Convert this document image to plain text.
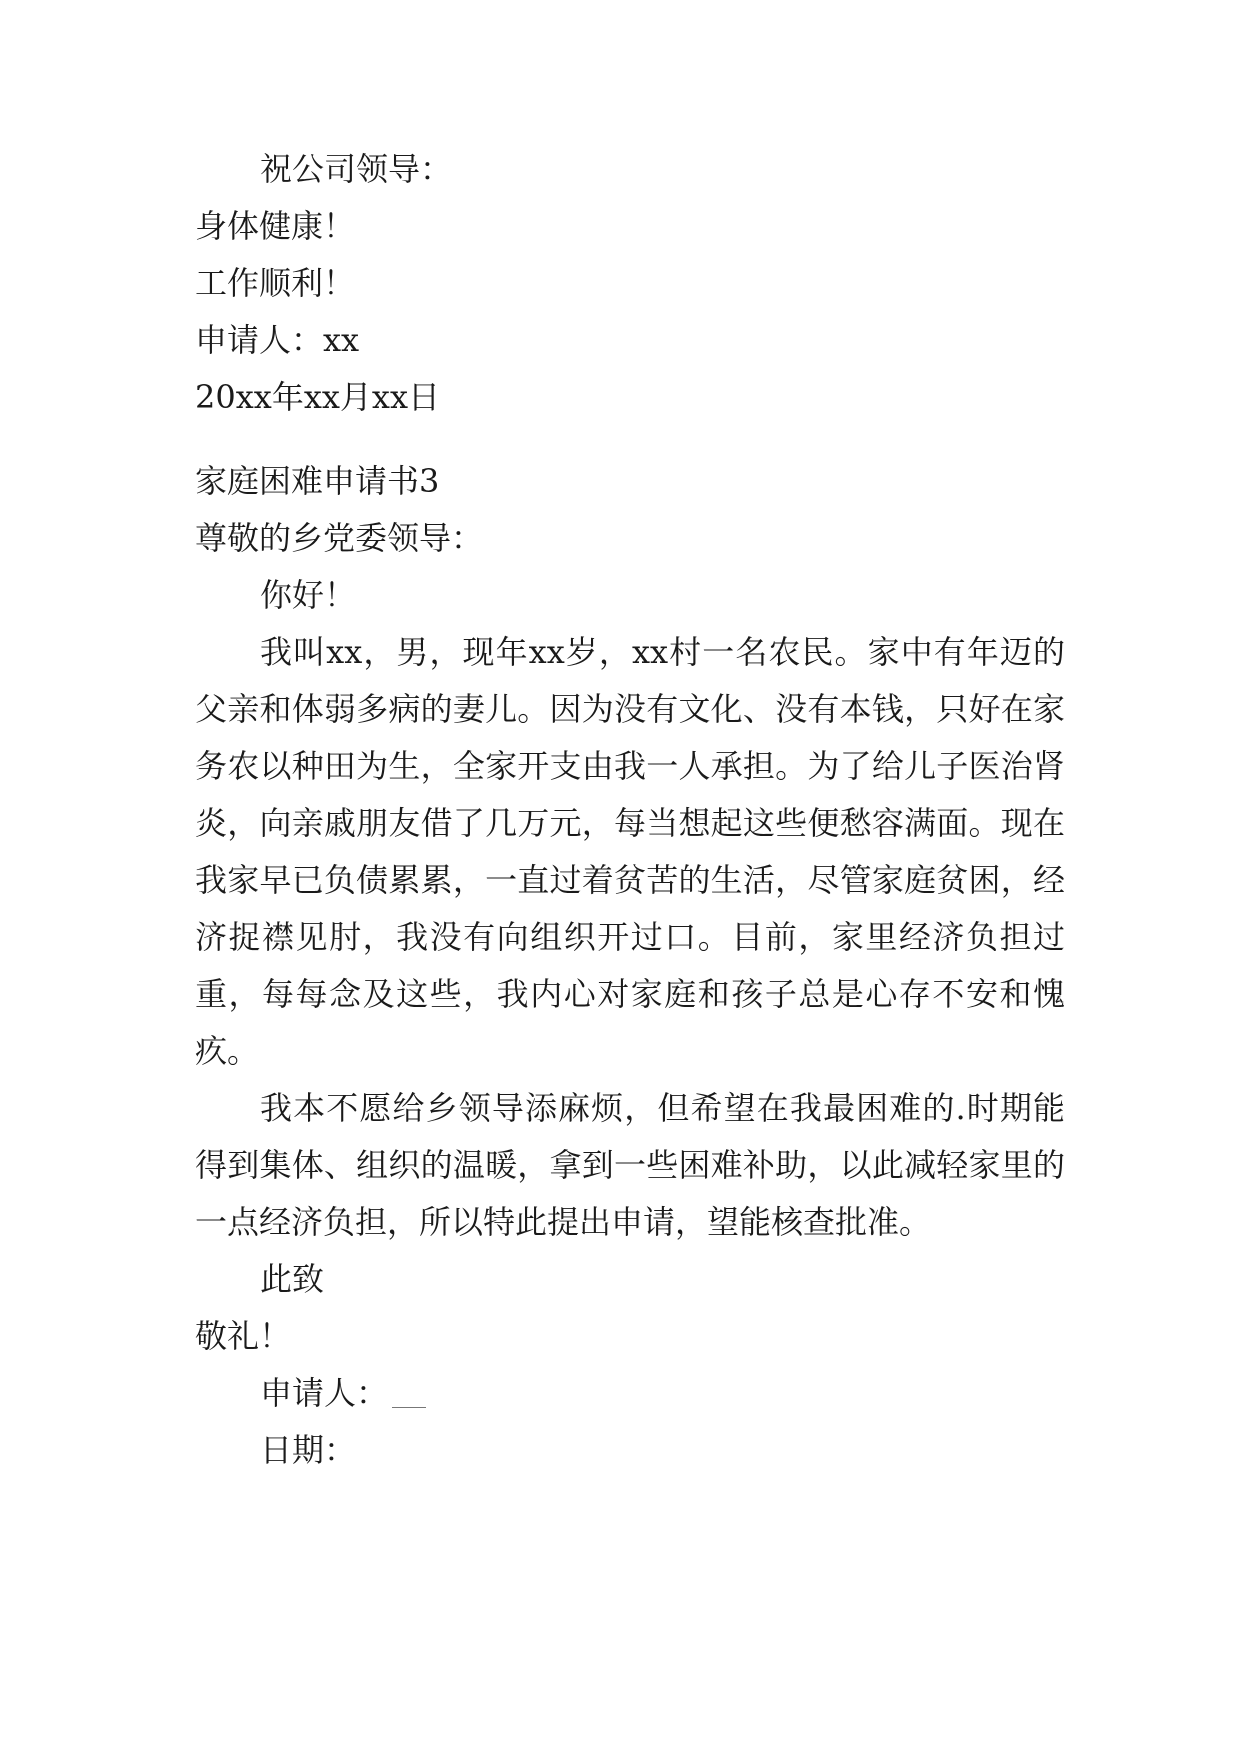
祝公司领导：
身体健康！
工作顺利！
申请人：xx
20xx年xx月xx日
家庭困难申请书3
尊敬的乡党委领导：
你好！
我叫xx，男，现年xx岁，xx村一名农民。家中有年迈的父亲和体弱多病的妻儿。因为没有文化、没有本钱，只好在家务农以种田为生，全家开支由我一人承担。为了给儿子医治肾炎，向亲戚朋友借了几万元，每当想起这些便愁容满面。现在我家早已负债累累，一直过着贫苦的生活，尽管家庭贫困，经济捉襟见肘，我没有向组织开过口。目前，家里经济负担过重，每每念及这些，我内心对家庭和孩子总是心存不安和愧疚。
我本不愿给乡领导添麻烦，但希望在我最困难的.时期能得到集体、组织的温暖，拿到一些困难补助，以此减轻家里的一点经济负担，所以特此提出申请，望能核查批准。
此致
敬礼！
申请人：
日期：
